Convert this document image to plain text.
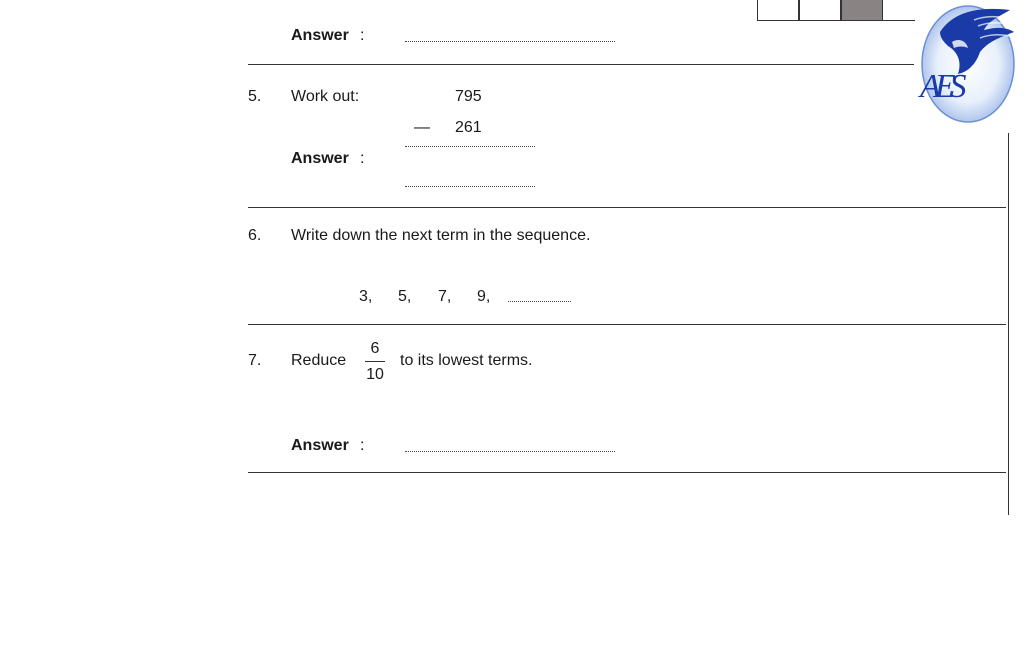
Answer :
5. Work out:	795
— 261
Answer :
6. Write down the next term in the sequence.
3, 5, 7, 9,
7. Reduce
6
10
to its lowest terms.
Answer :
AES
